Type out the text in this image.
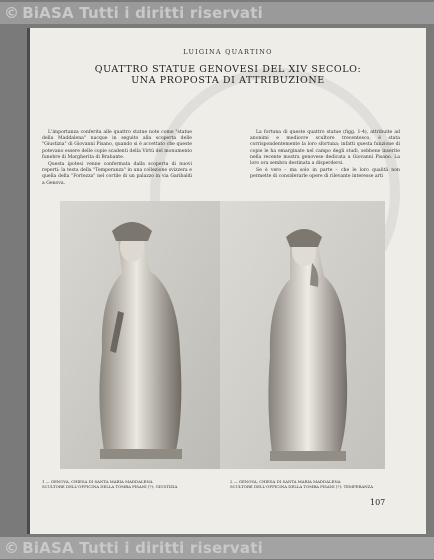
© BiASA Tutti i diritti riservati
LUIGINA QUARTINO
QUATTRO STATUE GENOVESI DEL XIV SECOLO:
UNA PROPOSTA DI ATTRIBUZIONE

L'importanza conferita alle quattro statue note come "statue della Maddalena" nacque in seguito alla scoperta delle "Giustizia" di Giovanni Pisano, quando si è accettato che queste potevano essere delle copie scadenti della Virtù del monumento funebre di Margherita di Brabante.

Questa ipotesi venne confermata dalla scoperta di nuovi reperti: la testa della "Temperanza" in una collezione svizzera e quella della "Fortezza" nel cortile di un palazzo in via Garibaldi a Genova.

La fortuna di queste quattro statue (figg. 1-4), attribuite ad anonimi e mediocre scultore trecentesco, è stata corrispondentemente la loro sfortuna; infatti questa funzione di copie le ha emarginate nel campo degli studi, sebbene inserite nella recente mostra genovese dedicata a Giovanni Pisano. La loro ora sembra destinata a disperdersi.

Se è vero – ma solo in parte – che le loro qualità non permette di considerarle opere di rilevante interesse arti

1 — GENOVA, CHIESA DI SANTA MARIA MADDALENA
SCULTORE DELL'OFFICINA DELLA TOMBA PISANI (?): GIUSTIZIA
2 — GENOVA, CHIESA DI SANTA MARIA MADDALENA
SCULTORE DELL'OFFICINA DELLA TOMBA PISANI (?): TEMPERANZA
107
© BiASA Tutti i diritti riservati
